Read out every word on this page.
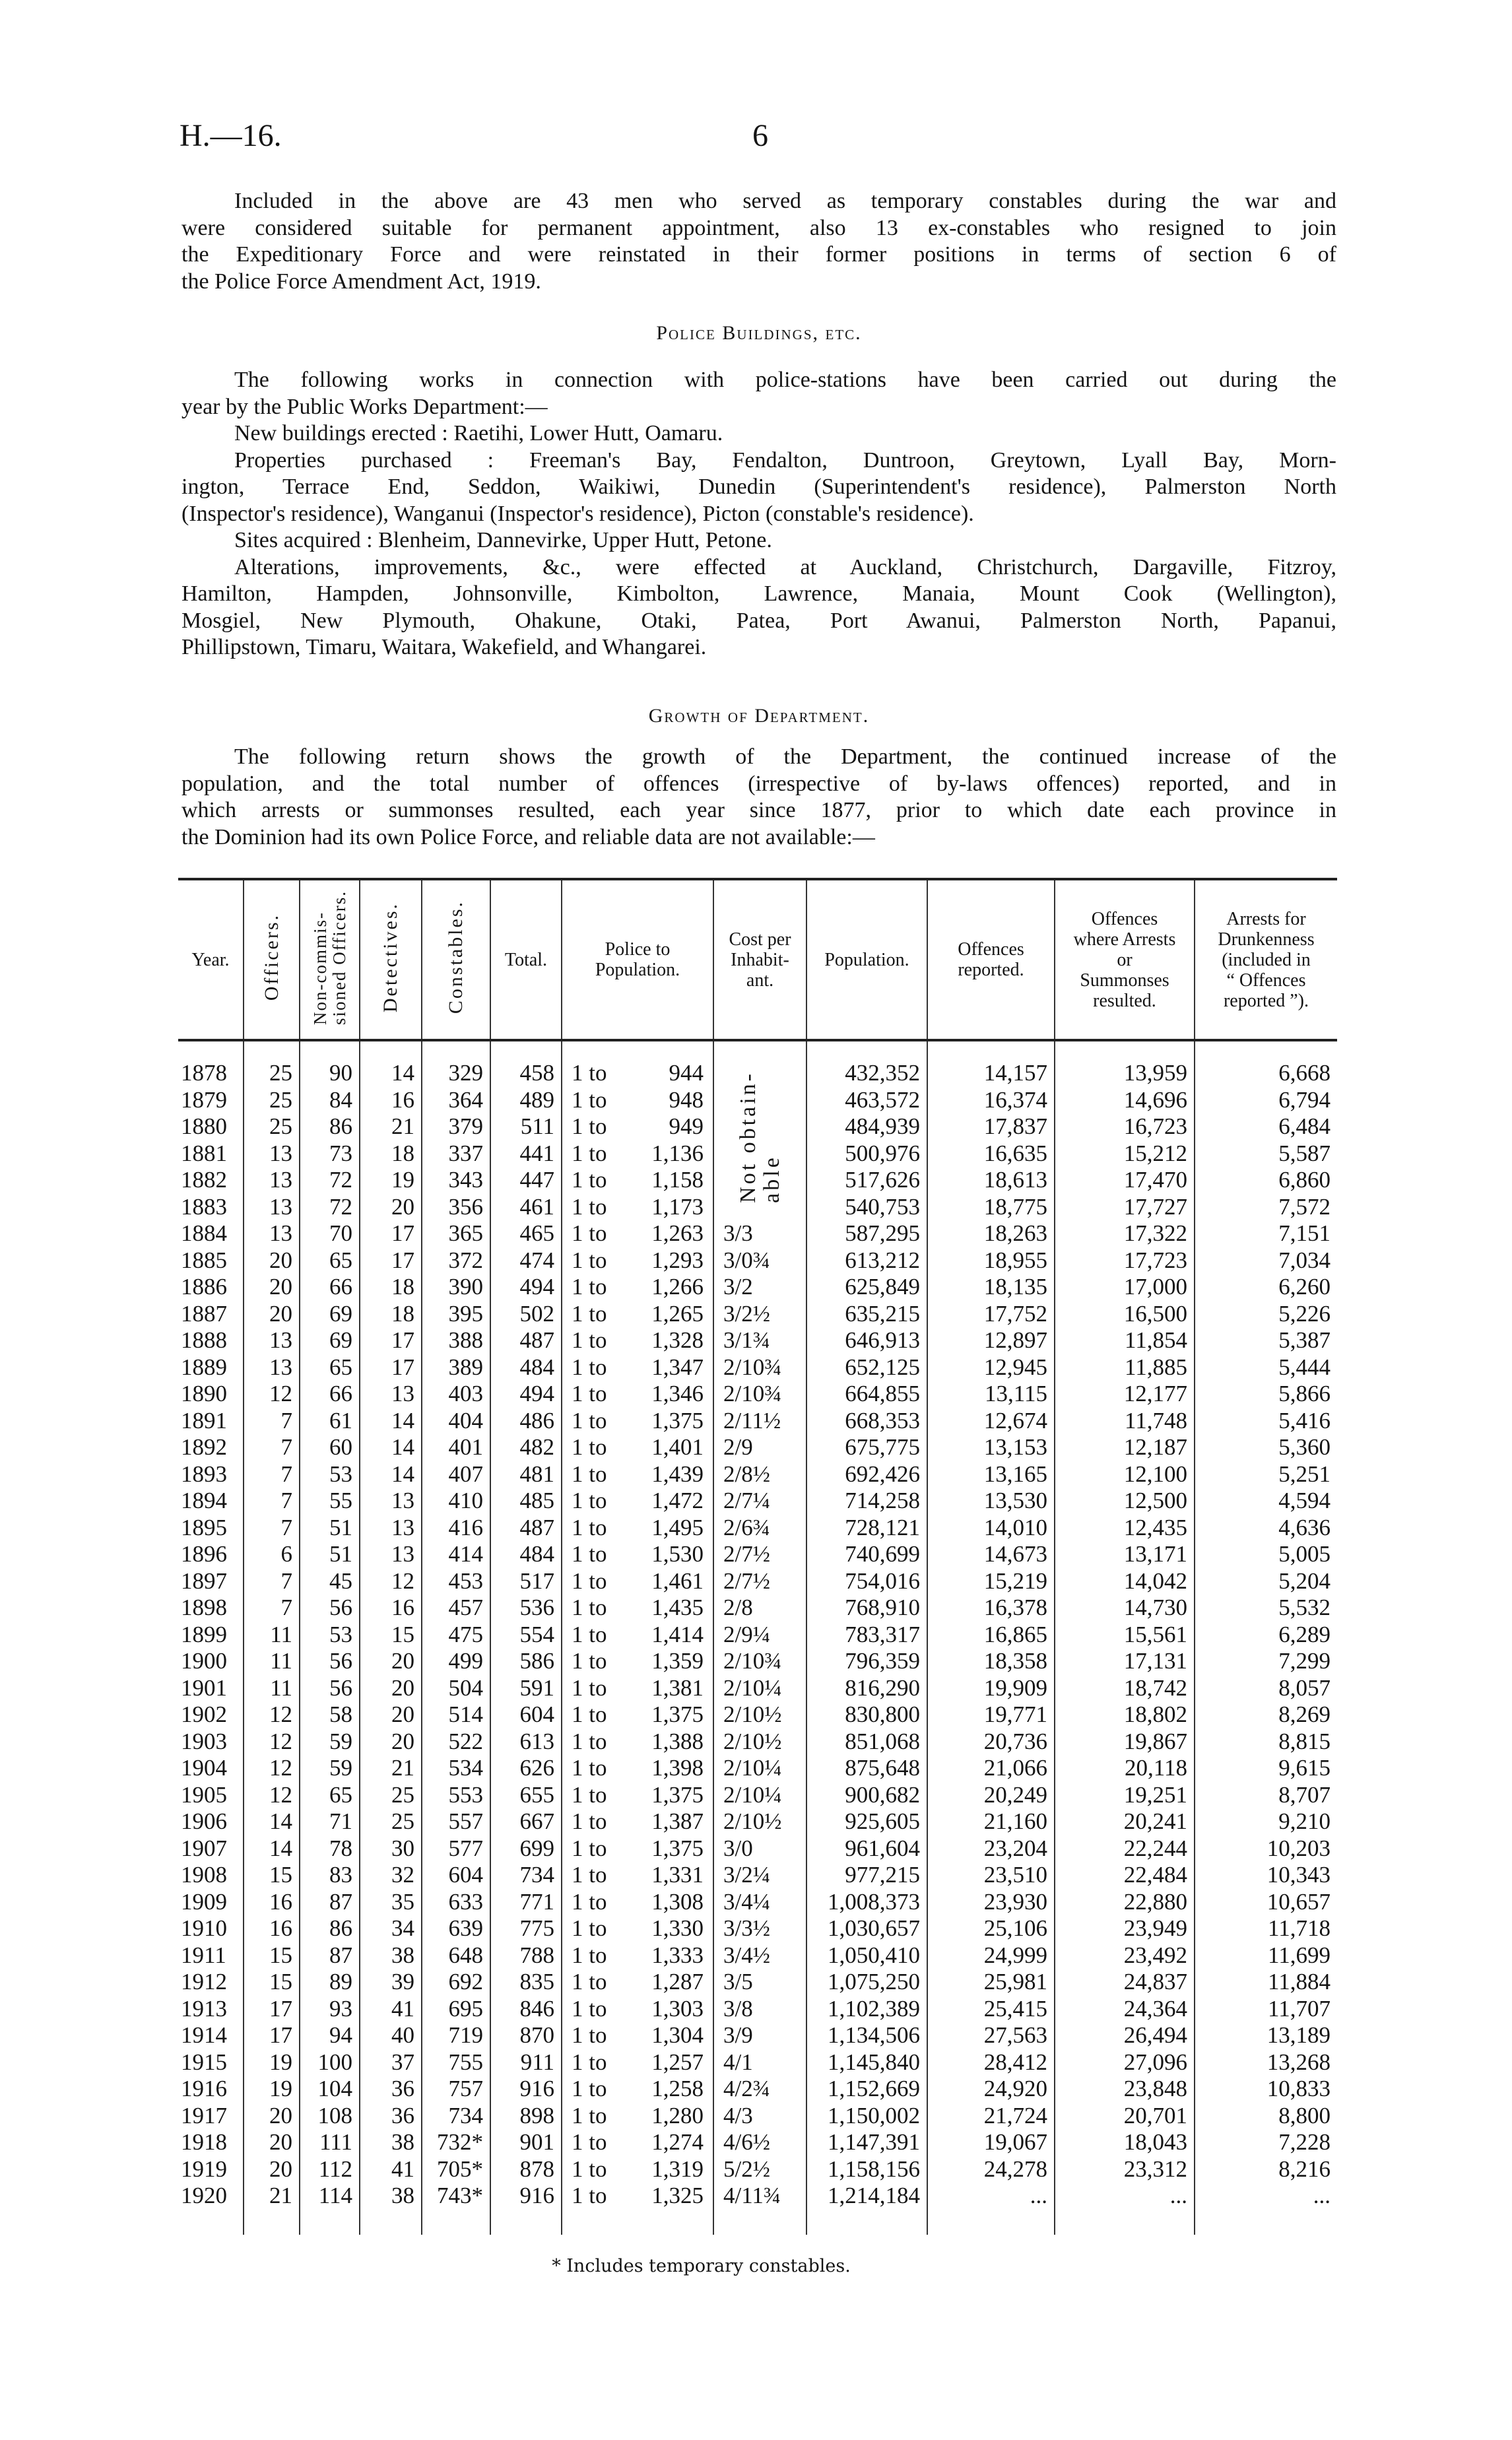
H.—16.	6
Included in the above are 43 men who served as temporary constables during the war and
were considered suitable for permanent appointment, also 13 ex-constables who resigned to join
the Expeditionary Force and were reinstated in their former positions in terms of section 6 of
the Police Force Amendment Act, 1919.
Police Buildings, etc.
The following works in connection with police-stations have been carried out during the
year by the Public Works Department:—
New buildings erected : Raetihi, Lower Hutt, Oamaru.
Properties purchased : Freeman's Bay, Fendalton, Duntroon, Greytown, Lyall Bay, Morn-
ington, Terrace End, Seddon, Waikiwi, Dunedin (Superintendent's residence), Palmerston North
(Inspector's residence), Wanganui (Inspector's residence), Picton (constable's residence).
Sites acquired : Blenheim, Dannevirke, Upper Hutt, Petone.
Alterations, improvements, &c., were effected at Auckland, Christchurch, Dargaville, Fitzroy,
Hamilton, Hampden, Johnsonville, Kimbolton, Lawrence, Manaia, Mount Cook (Wellington),
Mosgiel, New Plymouth, Ohakune, Otaki, Patea, Port Awanui, Palmerston North, Papanui,
Phillipstown, Timaru, Waitara, Wakefield, and Whangarei.
Growth of Department.
The following return shows the growth of the Department, the continued increase of the
population, and the total number of offences (irrespective of by-laws offences) reported, and in
which arrests or summonses resulted, each year since 1877, prior to which date each province in
the Dominion had its own Police Force, and reliable data are not available:—
Year.	Officers.	Non-commis-
sioned Officers.	Detectives.	Constables.	Total.	Police to
Population.	Cost per
Inhabit-
ant.	Population.	Offences
reported.	Offences
where Arrests
or
Summonses
resulted.	Arrests for
Drunkenness
(included in
“ Offences
reported ”).

1878	25	90	14	329	458	1 to 944	Not obtain-
able	432,352	14,157	13,959	6,668
1879	25	84	16	364	489	1 to 948		463,572	16,374	14,696	6,794
1880	25	86	21	379	511	1 to 949		484,939	17,837	16,723	6,484
1881	13	73	18	337	441	1 to 1,136		500,976	16,635	15,212	5,587
1882	13	72	19	343	447	1 to 1,158		517,626	18,613	17,470	6,860
1883	13	72	20	356	461	1 to 1,173		540,753	18,775	17,727	7,572
1884	13	70	17	365	465	1 to 1,263	3/3	587,295	18,263	17,322	7,151
1885	20	65	17	372	474	1 to 1,293	3/0¾	613,212	18,955	17,723	7,034
1886	20	66	18	390	494	1 to 1,266	3/2	625,849	18,135	17,000	6,260
1887	20	69	18	395	502	1 to 1,265	3/2½	635,215	17,752	16,500	5,226
1888	13	69	17	388	487	1 to 1,328	3/1¾	646,913	12,897	11,854	5,387
1889	13	65	17	389	484	1 to 1,347	2/10¾	652,125	12,945	11,885	5,444
1890	12	66	13	403	494	1 to 1,346	2/10¾	664,855	13,115	12,177	5,866
1891	7	61	14	404	486	1 to 1,375	2/11½	668,353	12,674	11,748	5,416
1892	7	60	14	401	482	1 to 1,401	2/9	675,775	13,153	12,187	5,360
1893	7	53	14	407	481	1 to 1,439	2/8½	692,426	13,165	12,100	5,251
1894	7	55	13	410	485	1 to 1,472	2/7¼	714,258	13,530	12,500	4,594
1895	7	51	13	416	487	1 to 1,495	2/6¾	728,121	14,010	12,435	4,636
1896	6	51	13	414	484	1 to 1,530	2/7½	740,699	14,673	13,171	5,005
1897	7	45	12	453	517	1 to 1,461	2/7½	754,016	15,219	14,042	5,204
1898	7	56	16	457	536	1 to 1,435	2/8	768,910	16,378	14,730	5,532
1899	11	53	15	475	554	1 to 1,414	2/9¼	783,317	16,865	15,561	6,289
1900	11	56	20	499	586	1 to 1,359	2/10¾	796,359	18,358	17,131	7,299
1901	11	56	20	504	591	1 to 1,381	2/10¼	816,290	19,909	18,742	8,057
1902	12	58	20	514	604	1 to 1,375	2/10½	830,800	19,771	18,802	8,269
1903	12	59	20	522	613	1 to 1,388	2/10½	851,068	20,736	19,867	8,815
1904	12	59	21	534	626	1 to 1,398	2/10¼	875,648	21,066	20,118	9,615
1905	12	65	25	553	655	1 to 1,375	2/10¼	900,682	20,249	19,251	8,707
1906	14	71	25	557	667	1 to 1,387	2/10½	925,605	21,160	20,241	9,210
1907	14	78	30	577	699	1 to 1,375	3/0	961,604	23,204	22,244	10,203
1908	15	83	32	604	734	1 to 1,331	3/2¼	977,215	23,510	22,484	10,343
1909	16	87	35	633	771	1 to 1,308	3/4¼	1,008,373	23,930	22,880	10,657
1910	16	86	34	639	775	1 to 1,330	3/3½	1,030,657	25,106	23,949	11,718
1911	15	87	38	648	788	1 to 1,333	3/4½	1,050,410	24,999	23,492	11,699
1912	15	89	39	692	835	1 to 1,287	3/5	1,075,250	25,981	24,837	11,884
1913	17	93	41	695	846	1 to 1,303	3/8	1,102,389	25,415	24,364	11,707
1914	17	94	40	719	870	1 to 1,304	3/9	1,134,506	27,563	26,494	13,189
1915	19	100	37	755	911	1 to 1,257	4/1	1,145,840	28,412	27,096	13,268
1916	19	104	36	757	916	1 to 1,258	4/2¾	1,152,669	24,920	23,848	10,833
1917	20	108	36	734	898	1 to 1,280	4/3	1,150,002	21,724	20,701	8,800
1918	20	111	38	732*	901	1 to 1,274	4/6½	1,147,391	19,067	18,043	7,228
1919	20	112	41	705*	878	1 to 1,319	5/2½	1,158,156	24,278	23,312	8,216
1920	21	114	38	743*	916	1 to 1,325	4/11¾	1,214,184	...	...	...

* Includes temporary constables.
